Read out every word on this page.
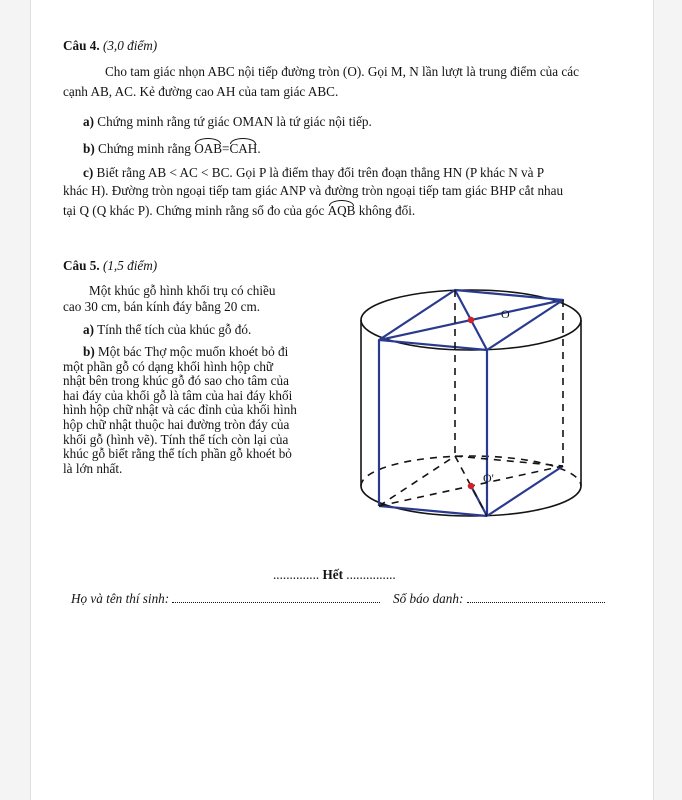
Câu 4. (3,0 điểm)
Cho tam giác nhọn ABC nội tiếp đường tròn (O). Gọi M, N lần lượt là trung điểm của các
cạnh AB, AC. Kẻ đường cao AH của tam giác ABC.
a) Chứng minh rằng tứ giác OMAN là tứ giác nội tiếp.
b) Chứng minh rằng OAB=CAH.
c) Biết rằng AB < AC < BC. Gọi P là điểm thay đổi trên đoạn thẳng HN (P khác N và P
khác H). Đường tròn ngoại tiếp tam giác ANP và đường tròn ngoại tiếp tam giác BHP cắt nhau
tại Q (Q khác P). Chứng minh rằng số đo của góc AQB không đổi.
Câu 5. (1,5 điểm)
Một khúc gỗ hình khối trụ có chiều
cao 30 cm, bán kính đáy bằng 20 cm.
a) Tính thể tích của khúc gỗ đó.
b) Một bác Thợ mộc muốn khoét bỏ đi
một phần gỗ có dạng khối hình hộp chữ
nhật bên trong khúc gỗ đó sao cho tâm của
hai đáy của khối gỗ là tâm của hai đáy khối
hình hộp chữ nhật và các đỉnh của khối hình
hộp chữ nhật thuộc hai đường tròn đáy của
khối gỗ (hình vẽ). Tính thể tích còn lại của
khúc gỗ biết rằng thể tích phần gỗ khoét bỏ
là lớn nhất.
O
O'
.............. Hết ...............
Họ và tên thí sinh:	Số báo danh:
